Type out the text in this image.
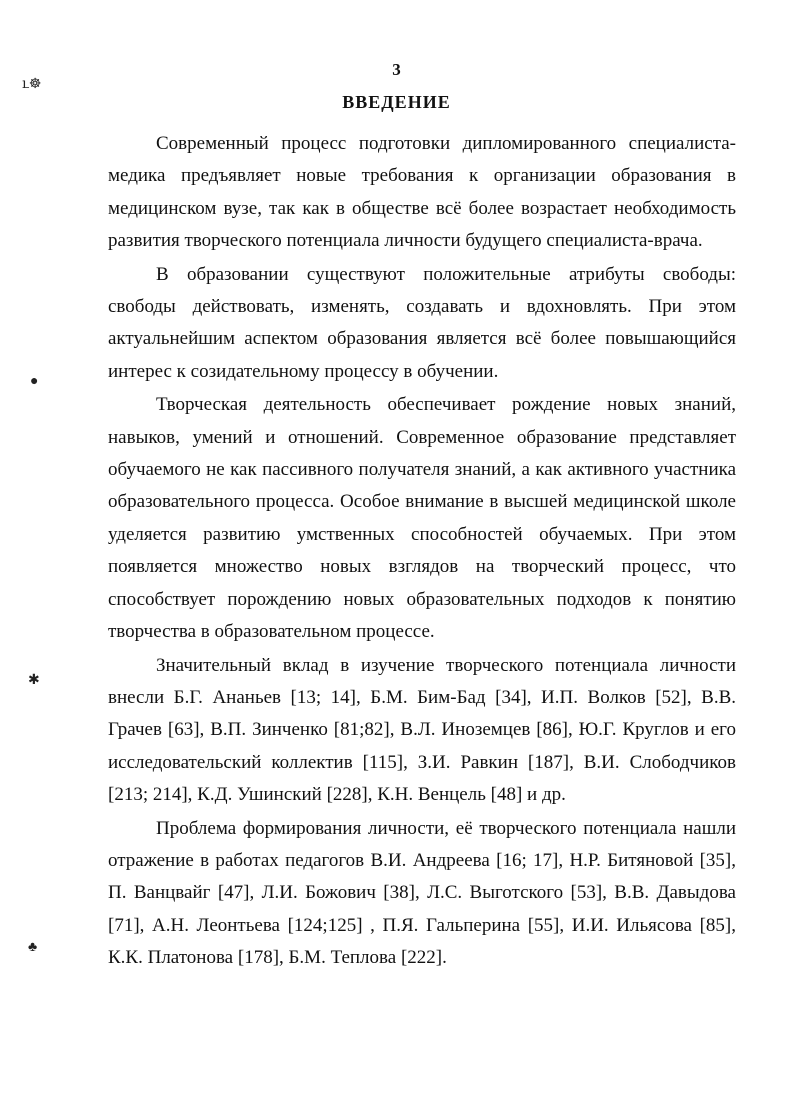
ւ☸
●
✱
♣
3
ВВЕДЕНИЕ
Современный процесс подготовки дипломированного специалиста-
медика предъявляет новые требования к организации образования в
медицинском вузе, так как в обществе всё более возрастает необходимость
развития творческого потенциала личности будущего специалиста-врача.
В образовании существуют положительные атрибуты свободы:
свободы действовать, изменять, создавать и вдохновлять. При этом
актуальнейшим аспектом образования является всё более повышающийся
интерес к созидательному процессу в обучении.
Творческая деятельность обеспечивает рождение новых знаний,
навыков, умений и отношений. Современное образование представляет
обучаемого не как пассивного получателя знаний, а как активного участника
образовательного процесса. Особое внимание в высшей медицинской школе
уделяется развитию умственных способностей обучаемых. При этом
появляется множество новых взглядов на творческий процесс, что
способствует порождению новых образовательных подходов к понятию
творчества в образовательном процессе.
Значительный вклад в изучение творческого потенциала личности
внесли Б.Г. Ананьев [13; 14], Б.М. Бим-Бад [34], И.П. Волков [52], В.В.
Грачев [63], В.П. Зинченко [81;82], В.Л. Иноземцев [86], Ю.Г. Круглов и его
исследовательский коллектив [115], З.И. Равкин [187], В.И. Слободчиков
[213; 214], К.Д. Ушинский [228], К.Н. Венцель [48] и др.
Проблема формирования личности, её творческого потенциала нашли
отражение в работах педагогов В.И. Андреева [16; 17], Н.Р. Битяновой [35],
П. Ванцвайг [47], Л.И. Божович [38], Л.С. Выготского [53], В.В. Давыдова
[71], А.Н. Леонтьева [124;125] , П.Я. Гальперина [55], И.И. Ильясова [85],
К.К. Платонова [178], Б.М. Теплова [222].
